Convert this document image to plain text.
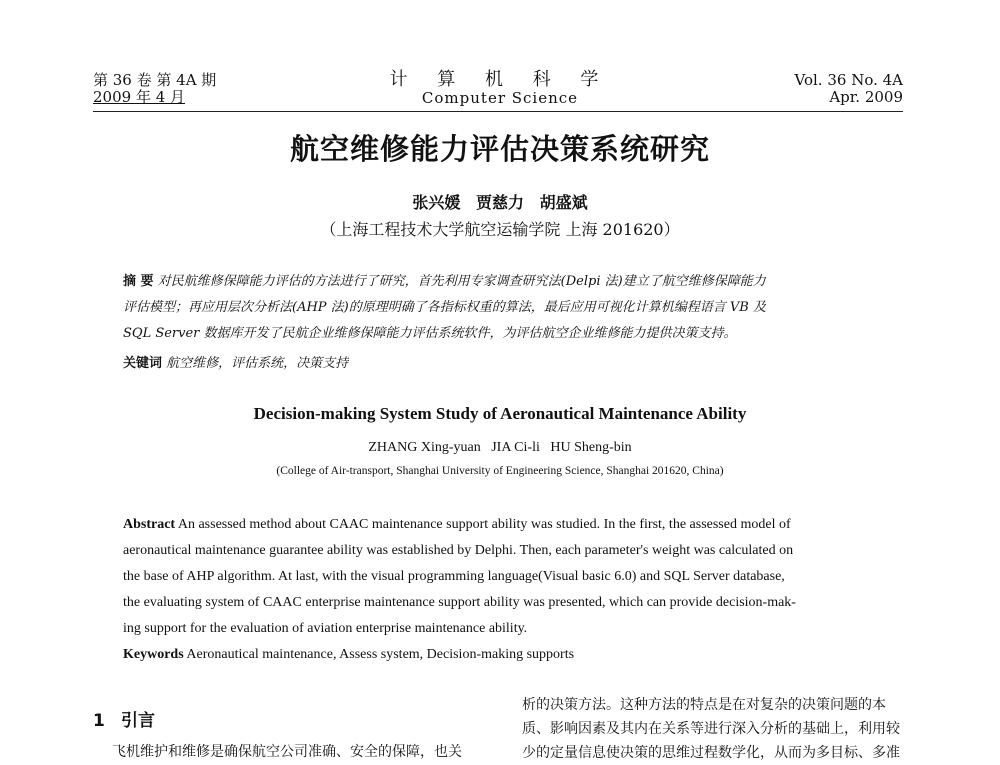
第 36 卷 第 4A 期
2009 年 4 月
计 算 机 科 学
Computer Science
Vol. 36 No. 4A
Apr. 2009
航空维修能力评估决策系统研究
张兴媛 贾慈力 胡盛斌
（上海工程技术大学航空运输学院 上海 201620）
摘 要 对民航维修保障能力评估的方法进行了研究，首先利用专家调查研究法(Delpi 法)建立了航空维修保障能力
评估模型；再应用层次分析法(AHP 法)的原理明确了各指标权重的算法，最后应用可视化计算机编程语言 VB 及
SQL Server 数据库开发了民航企业维修保障能力评估系统软件，为评估航空企业维修能力提供决策支持。
关键词 航空维修，评估系统，决策支持
Decision-making System Study of Aeronautical Maintenance Ability
ZHANG Xing-yuan   JIA Ci-li   HU Sheng-bin
(College of Air-transport, Shanghai University of Engineering Science, Shanghai 201620, China)
Abstract An assessed method about CAAC maintenance support ability was studied. In the first, the assessed model of
aeronautical maintenance guarantee ability was established by Delphi. Then, each parameter's weight was calculated on
the base of AHP algorithm. At last, with the visual programming language(Visual basic 6.0) and SQL Server database,
the evaluating system of CAAC enterprise maintenance support ability was presented, which can provide decision-mak-
ing support for the evaluation of aviation enterprise maintenance ability.
Keywords Aeronautical maintenance, Assess system, Decision-making supports
1 引言
飞机维护和维修是确保航空公司准确、安全的保障，也关
析的决策方法。这种方法的特点是在对复杂的决策问题的本
质、影响因素及其内在关系等进行深入分析的基础上，利用较
少的定量信息使决策的思维过程数学化，从而为多目标、多准
